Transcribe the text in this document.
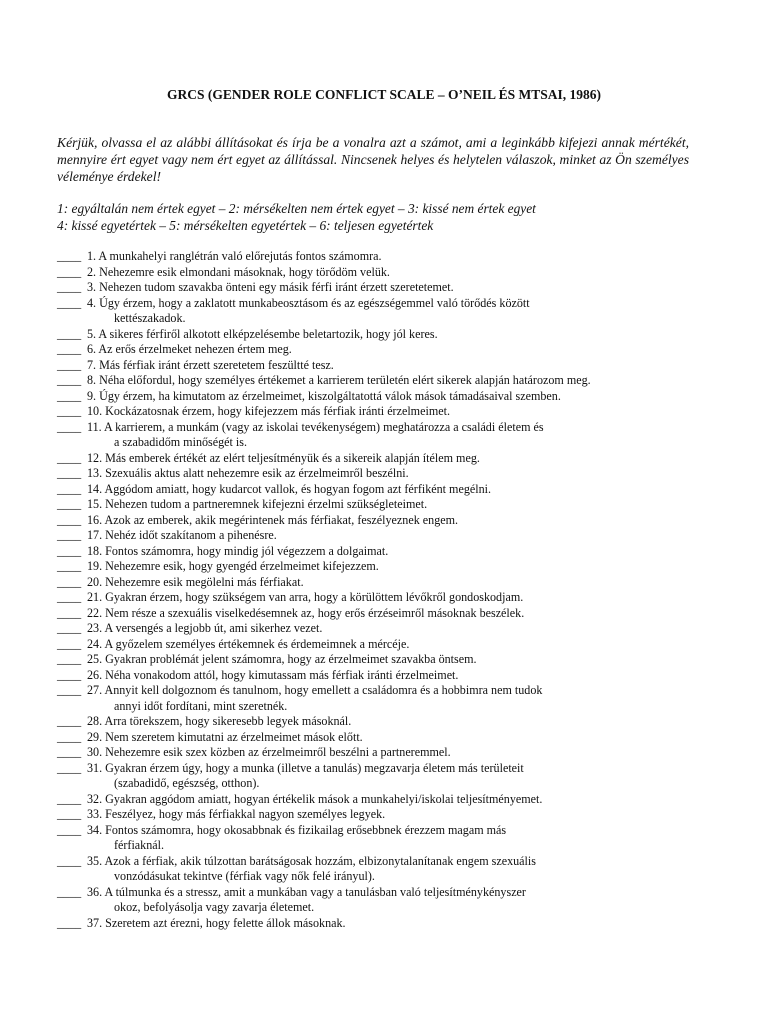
GRCS (GENDER ROLE CONFLICT SCALE – O’NEIL ÉS MTSAI, 1986)

Kérjük, olvassa el az alábbi állításokat és írja be a vonalra azt a számot, ami a leginkább kifejezi annak mértékét, mennyire ért egyet vagy nem ért egyet az állítással. Nincsenek helyes és helytelen válaszok, minket az Ön személyes véleménye érdekel!

1: egyáltalán nem értek egyet – 2: mérsékelten nem értek egyet – 3: kissé nem értek egyet
4: kissé egyetértek – 5: mérsékelten egyetértek – 6: teljesen egyetértek
____ 1. A munkahelyi ranglétrán való előrejutás fontos számomra.
____ 2. Nehezemre esik elmondani másoknak, hogy törődöm velük.
____ 3. Nehezen tudom szavakba önteni egy másik férfi iránt érzett szeretetemet.
____ 4. Úgy érzem, hogy a zaklatott munkabeosztásom és az egészségemmel való törődés között
kettészakadok.
____ 5. A sikeres férfiről alkotott elképzelésembe beletartozik, hogy jól keres.
____ 6. Az erős érzelmeket nehezen értem meg.
____ 7. Más férfiak iránt érzett szeretetem feszültté tesz.
____ 8. Néha előfordul, hogy személyes értékemet a karrierem területén elért sikerek alapján határozom meg.
____ 9. Úgy érzem, ha kimutatom az érzelmeimet, kiszolgáltatottá válok mások támadásaival szemben.
____ 10. Kockázatosnak érzem, hogy kifejezzem más férfiak iránti érzelmeimet.
____ 11. A karrierem, a munkám (vagy az iskolai tevékenységem) meghatározza a családi életem és
a szabadidőm minőségét is.
____ 12. Más emberek értékét az elért teljesítményük és a sikereik alapján ítélem meg.
____ 13. Szexuális aktus alatt nehezemre esik az érzelmeimről beszélni.
____ 14. Aggódom amiatt, hogy kudarcot vallok, és hogyan fogom azt férfiként megélni.
____ 15. Nehezen tudom a partneremnek kifejezni érzelmi szükségleteimet.
____ 16. Azok az emberek, akik megérintenek más férfiakat, feszélyeznek engem.
____ 17. Nehéz időt szakítanom a pihenésre.
____ 18. Fontos számomra, hogy mindig jól végezzem a dolgaimat.
____ 19. Nehezemre esik, hogy gyengéd érzelmeimet kifejezzem.
____ 20. Nehezemre esik megölelni más férfiakat.
____ 21. Gyakran érzem, hogy szükségem van arra, hogy a körülöttem lévőkről gondoskodjam.
____ 22. Nem része a szexuális viselkedésemnek az, hogy erős érzéseimről másoknak beszélek.
____ 23. A versengés a legjobb út, ami sikerhez vezet.
____ 24. A győzelem személyes értékemnek és érdemeimnek a mércéje.
____ 25. Gyakran problémát jelent számomra, hogy az érzelmeimet szavakba öntsem.
____ 26. Néha vonakodom attól, hogy kimutassam más férfiak iránti érzelmeimet.
____ 27. Annyit kell dolgoznom és tanulnom, hogy emellett a családomra és a hobbimra nem tudok
annyi időt fordítani, mint szeretnék.
____ 28. Arra törekszem, hogy sikeresebb legyek másoknál.
____ 29. Nem szeretem kimutatni az érzelmeimet mások előtt.
____ 30. Nehezemre esik szex közben az érzelmeimről beszélni a partneremmel.
____ 31. Gyakran érzem úgy, hogy a munka (illetve a tanulás) megzavarja életem más területeit
(szabadidő, egészség, otthon).
____ 32. Gyakran aggódom amiatt, hogyan értékelik mások a munkahelyi/iskolai teljesítményemet.
____ 33. Feszélyez, hogy más férfiakkal nagyon személyes legyek.
____ 34. Fontos számomra, hogy okosabbnak és fizikailag erősebbnek érezzem magam más
férfiaknál.
____ 35. Azok a férfiak, akik túlzottan barátságosak hozzám, elbizonytalanítanak engem szexuális
vonzódásukat tekintve (férfiak vagy nők felé irányul).
____ 36. A túlmunka és a stressz, amit a munkában vagy a tanulásban való teljesítménykényszer
okoz, befolyásolja vagy zavarja életemet.
____ 37. Szeretem azt érezni, hogy felette állok másoknak.
